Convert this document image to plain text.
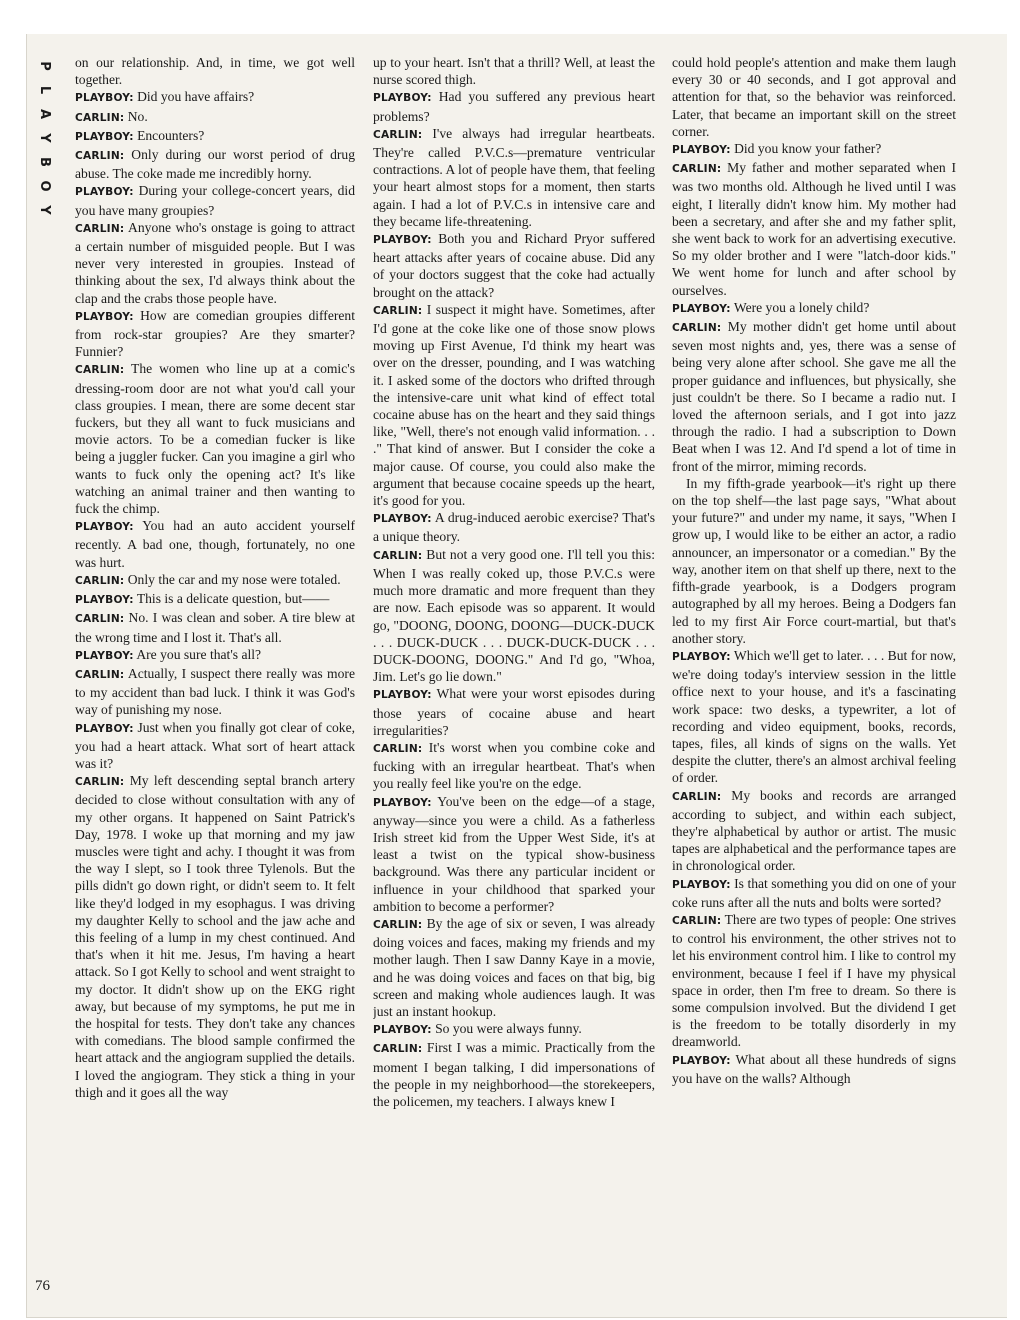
P
L
A
Y
B
O
Y

on our relationship. And, in time, we got well together.

PLAYBOY: Did you have affairs?

CARLIN: No.

PLAYBOY: Encounters?

CARLIN: Only during our worst period of drug abuse. The coke made me incredibly horny.

PLAYBOY: During your college-concert years, did you have many groupies?

CARLIN: Anyone who's onstage is going to attract a certain number of misguided people. But I was never very interested in groupies. Instead of thinking about the sex, I'd always think about the clap and the crabs those people have.

PLAYBOY: How are comedian groupies different from rock-star groupies? Are they smarter? Funnier?

CARLIN: The women who line up at a comic's dressing-room door are not what you'd call your class groupies. I mean, there are some decent star fuckers, but they all want to fuck musicians and movie actors. To be a comedian fucker is like being a juggler fucker. Can you imagine a girl who wants to fuck only the opening act? It's like watching an animal trainer and then wanting to fuck the chimp.

PLAYBOY: You had an auto accident yourself recently. A bad one, though, fortunately, no one was hurt.

CARLIN: Only the car and my nose were totaled.

PLAYBOY: This is a delicate question, but——

CARLIN: No. I was clean and sober. A tire blew at the wrong time and I lost it. That's all.

PLAYBOY: Are you sure that's all?

CARLIN: Actually, I suspect there really was more to my accident than bad luck. I think it was God's way of punishing my nose.

PLAYBOY: Just when you finally got clear of coke, you had a heart attack. What sort of heart attack was it?

CARLIN: My left descending septal branch artery decided to close without consultation with any of my other organs. It happened on Saint Patrick's Day, 1978. I woke up that morning and my jaw muscles were tight and achy. I thought it was from the way I slept, so I took three Tylenols. But the pills didn't go down right, or didn't seem to. It felt like they'd lodged in my esophagus. I was driving my daughter Kelly to school and the jaw ache and this feeling of a lump in my chest continued. And that's when it hit me. Jesus, I'm having a heart attack. So I got Kelly to school and went straight to my doctor. It didn't show up on the EKG right away, but because of my symptoms, he put me in the hospital for tests. They don't take any chances with comedians. The blood sample confirmed the heart attack and the angiogram supplied the details. I loved the angiogram. They stick a thing in your thigh and it goes all the way

up to your heart. Isn't that a thrill? Well, at least the nurse scored thigh.

PLAYBOY: Had you suffered any previous heart problems?

CARLIN: I've always had irregular heartbeats. They're called P.V.C.s—premature ventricular contractions. A lot of people have them, that feeling your heart almost stops for a moment, then starts again. I had a lot of P.V.C.s in intensive care and they became life-threatening.

PLAYBOY: Both you and Richard Pryor suffered heart attacks after years of cocaine abuse. Did any of your doctors suggest that the coke had actually brought on the attack?

CARLIN: I suspect it might have. Sometimes, after I'd gone at the coke like one of those snow plows moving up First Avenue, I'd think my heart was over on the dresser, pounding, and I was watching it. I asked some of the doctors who drifted through the intensive-care unit what kind of effect total cocaine abuse has on the heart and they said things like, "Well, there's not enough valid information. . . ." That kind of answer. But I consider the coke a major cause. Of course, you could also make the argument that because cocaine speeds up the heart, it's good for you.

PLAYBOY: A drug-induced aerobic exercise? That's a unique theory.

CARLIN: But not a very good one. I'll tell you this: When I was really coked up, those P.V.C.s were much more dramatic and more frequent than they are now. Each episode was so apparent. It would go, "DOONG, DOONG, DOONG—DUCK-DUCK . . . DUCK-DUCK . . . DUCK-DUCK-DUCK . . . DUCK-DOONG, DOONG." And I'd go, "Whoa, Jim. Let's go lie down."

PLAYBOY: What were your worst episodes during those years of cocaine abuse and heart irregularities?

CARLIN: It's worst when you combine coke and fucking with an irregular heartbeat. That's when you really feel like you're on the edge.

PLAYBOY: You've been on the edge—of a stage, anyway—since you were a child. As a fatherless Irish street kid from the Upper West Side, it's at least a twist on the typical show-business background. Was there any particular incident or influence in your childhood that sparked your ambition to become a performer?

CARLIN: By the age of six or seven, I was already doing voices and faces, making my friends and my mother laugh. Then I saw Danny Kaye in a movie, and he was doing voices and faces on that big, big screen and making whole audiences laugh. It was just an instant hookup.

PLAYBOY: So you were always funny.

CARLIN: First I was a mimic. Practically from the moment I began talking, I did impersonations of the people in my neighborhood—the storekeepers, the policemen, my teachers. I always knew I

could hold people's attention and make them laugh every 30 or 40 seconds, and I got approval and attention for that, so the behavior was reinforced. Later, that became an important skill on the street corner.

PLAYBOY: Did you know your father?

CARLIN: My father and mother separated when I was two months old. Although he lived until I was eight, I literally didn't know him. My mother had been a secretary, and after she and my father split, she went back to work for an advertising executive. So my older brother and I were "latch-door kids." We went home for lunch and after school by ourselves.

PLAYBOY: Were you a lonely child?

CARLIN: My mother didn't get home until about seven most nights and, yes, there was a sense of being very alone after school. She gave me all the proper guidance and influences, but physically, she just couldn't be there. So I became a radio nut. I loved the afternoon serials, and I got into jazz through the radio. I had a subscription to Down Beat when I was 12. And I'd spend a lot of time in front of the mirror, miming records.

In my fifth-grade yearbook—it's right up there on the top shelf—the last page says, "What about your future?" and under my name, it says, "When I grow up, I would like to be either an actor, a radio announcer, an impersonator or a comedian." By the way, another item on that shelf up there, next to the fifth-grade yearbook, is a Dodgers program autographed by all my heroes. Being a Dodgers fan led to my first Air Force court-martial, but that's another story.

PLAYBOY: Which we'll get to later. . . . But for now, we're doing today's interview session in the little office next to your house, and it's a fascinating work space: two desks, a typewriter, a lot of recording and video equipment, books, records, tapes, files, all kinds of signs on the walls. Yet despite the clutter, there's an almost archival feeling of order.

CARLIN: My books and records are arranged according to subject, and within each subject, they're alphabetical by author or artist. The music tapes are alphabetical and the performance tapes are in chronological order.

PLAYBOY: Is that something you did on one of your coke runs after all the nuts and bolts were sorted?

CARLIN: There are two types of people: One strives to control his environment, the other strives not to let his environment control him. I like to control my environment, because I feel if I have my physical space in order, then I'm free to dream. So there is some compulsion involved. But the dividend I get is the freedom to be totally disorderly in my dreamworld.

PLAYBOY: What about all these hundreds of signs you have on the walls? Although

76
